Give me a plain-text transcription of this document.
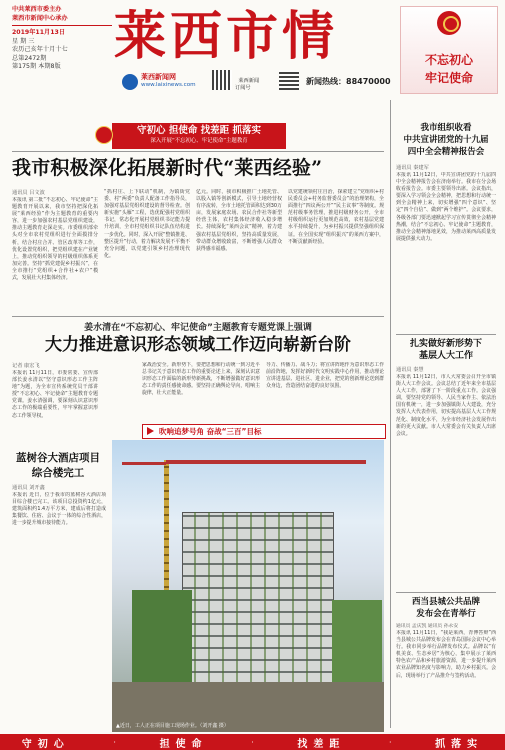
中共莱西市委主办
莱西市新闻中心承办
2019年11月13日
星 期 三
农历己亥年十月十七
总第2472期
第175期 本期8版	莱西市情	不忘初心
牢记使命
莱西新闻网
www.laixinews.com

莱西新闻
订阅号

新闻热线：88470000
守初心 担使命 找差距 抓落实
深入开展“不忘初心、牢记使命”主题教育
我市积极深化拓展新时代“莱西经验”
通讯员 吕文波
本报讯 第二批“不忘初心、牢记使命”主题教育开展以来，我市坚持把深化拓展“莱西经验”作为主题教育的重要内容，进一步加强农村基层党组织建设，推动主题教育走深走实。市委组织部牵头对全市农村党组织进行全面摸排分析，结合村庄合并、管区改革等工作，优化设置党组织，把党组织建在产业链上，推动党组织领导的村级组织体系更加完善。坚持“抓党建促乡村振兴”，在全市推行“党组织+合作社+农户”模式，发展壮大村集体经济。
“抓村庄、上下联动”机制，为镇街党委、村“两委”负责人配备工作指导员，加强对基层党组织建设的督导检查。创新实施“头雁”工程，选优配强村党组织书记，常态化开展村党组织书记能力提升培训，全市村党组织书记队伍结构进一步优化。同时，深入开展“整镇推进、整区提升”行动，着力解决发展不平衡不充分问题，以党建引领乡村治理现代化。
亿元。同时，我市积极推广土地托管、以股入镇等创新模式，引导土地经营权有序流转，全市土地托管面积达到30万亩，发展家庭农场、农民合作社等新型经营主体，农村集体经济收入稳步增长。持续深化“莱西会议”精神，着力建强农村基层党组织，坚持高质量发展，带动群众增收致富，不断增强人民群众获得感幸福感。
以党建统领村庄自治，探索建立“党组织+村民委员会+村务监督委员会”的治理架构，全面推行“四议两公开”“民主议事”等制度。规范村级事务管理，推进村级财务公开，全市村级组织运行更加规范高效，农村基层党建水平持续提升，为乡村振兴提供坚强组织保证。在全国实现“组织振兴”的莱西方案中，不断贡献新经验。
姜水清在“不忘初心、牢记使命”主题教育专题党课上强调
大力推进意识形态领域工作迈向崭新台阶
记者 康宏飞
本报讯 11月11日，市委常委、宣传部部长姜水清以“坚守意识形态工作主阵地”为题，为全市宣传系统党员干部讲授“不忘初心、牢记使命”主题教育专题党课。姜水清强调，要深刻认识意识形态工作的极端重要性，牢牢掌握意识形态工作领导权。
家战治安全。新形势下，要把思想和行动统一到习近平总书记关于意识形态工作的重要论述上来，深刻认识意识形态工作面临的新形势新挑战，不断增强做好意识形态工作的责任感使命感。要坚持正确舆论导向，唱响主旋律，壮大正能量。
导力、传播力、战斗力；将宣讲阵地作为意识形态工作前沿阵地，发挥好新时代文明实践中心作用，推动理论宣讲进基层、进社区、进企业，把党的创新理论送到群众身边，营造团结奋进的良好氛围。
蓝树谷大酒店项目
综合楼完工
通讯员 刘开鑫
本报讯 近日，位于我市的蓝树谷大酒店项目综合楼已完工。该项目总投资约1亿元，建筑面积约1.4万平方米，建成后将打造成集餐饮、住宿、会议于一体的综合性酒店，进一步提升城市接待能力。
吹响追梦号角 奋战“三百”目标
▲近日，工人正在项目施工现场作业。（刘开鑫 摄）
我市组织收看
中共宣讲团党的十九届
四中全会精神报告会
通讯员 秦建军
本报讯 11月12日，中共宣讲团党的十九届四中全会精神报告会在济南举行。我市在分会场收看报告会。市委主要领导出席。会议指出，要深入学习领会全会精神，把思想和行动统一到全会精神上来，切实增强“四个意识”、坚定“四个自信”、做到“两个维护”。会议要求，各级各部门要迅速掀起学习宣传贯彻全会精神热潮，结合“不忘初心、牢记使命”主题教育，推动全会精神落地见效，为推动莱西高质量发展提供强大动力。
扎实做好新形势下
基层人大工作
通讯员 秦慧
本报讯 11月12日，市人大常委会召开全市镇街人大工作会议。会议总结了近年来全市基层人大工作，部署了下一阶段重点工作。会议强调，要坚持党的领导、人民当家作主、依法治国有机统一，进一步加强镇街人大建设，充分发挥人大代表作用，切实提高基层人大工作规范化、制度化水平，为全市经济社会发展作出新的更大贡献。市人大常委会有关负责人出席会议。
西当县城公共品牌
发布会在青举行
通讯员 孟庆凯 通讯员 孙永安
本报讯 11月11日，“我是莱西，青博答辩”西当县城公共品牌发布会在青岛国际会议中心举行。我市同步举行品牌发布仪式。品牌以“有机美食、生态乡居”为核心，集中展示了莱西特色农产品和乡村旅游资源，进一步提升莱西农业品牌知名度与影响力，助力乡村振兴。会后，现场举行了产品推介与签约活动。
守初心	·	担使命	·	找差距	·	抓落实
